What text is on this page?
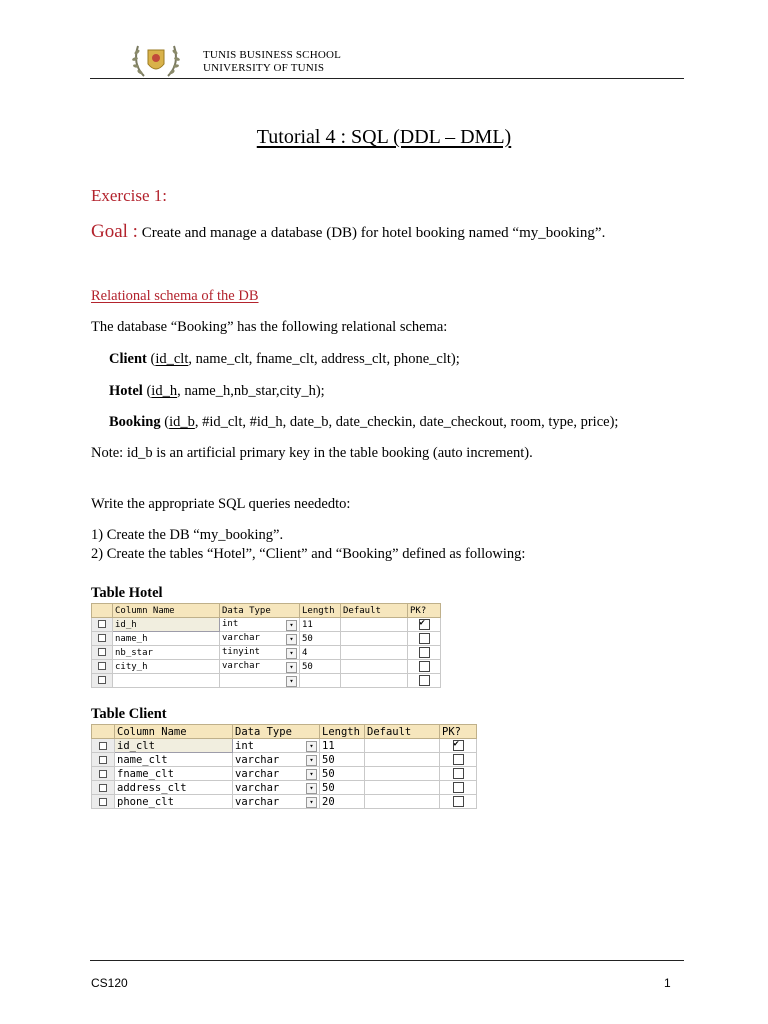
TUNIS BUSINESS SCHOOL
UNIVERSITY OF TUNIS
Tutorial 4 : SQL (DDL – DML)
Exercise 1:
Goal : Create and manage a database (DB) for hotel booking named “my_booking”.
Relational schema of the DB
The database “Booking” has the following relational schema:
Client (id_clt, name_clt, fname_clt, address_clt, phone_clt);
Hotel (id_h, name_h,nb_star,city_h);
Booking (id_b, #id_clt, #id_h, date_b, date_checkin, date_checkout, room, type, price);
Note: id_b is an artificial primary key in the table booking (auto increment).
Write the appropriate SQL queries neededto:
1) Create the DB “my_booking”.
2) Create the tables “Hotel”, “Client” and “Booking” defined as following:
Table Hotel
	Column Name	Data Type	Length	Default	PK?
	id_h	int ▾	11		✔
	name_h	varchar ▾	50		
	nb_star	tinyint ▾	4		
	city_h	varchar ▾	50		

		▾			

Table Client
	Column Name	Data Type	Length	Default	PK?
	id_clt	int ▾	11		✔
	name_clt	varchar ▾	50		
	fname_clt	varchar ▾	50		
	address_clt	varchar ▾	50		
	phone_clt	varchar ▾	20		
CS120	1
